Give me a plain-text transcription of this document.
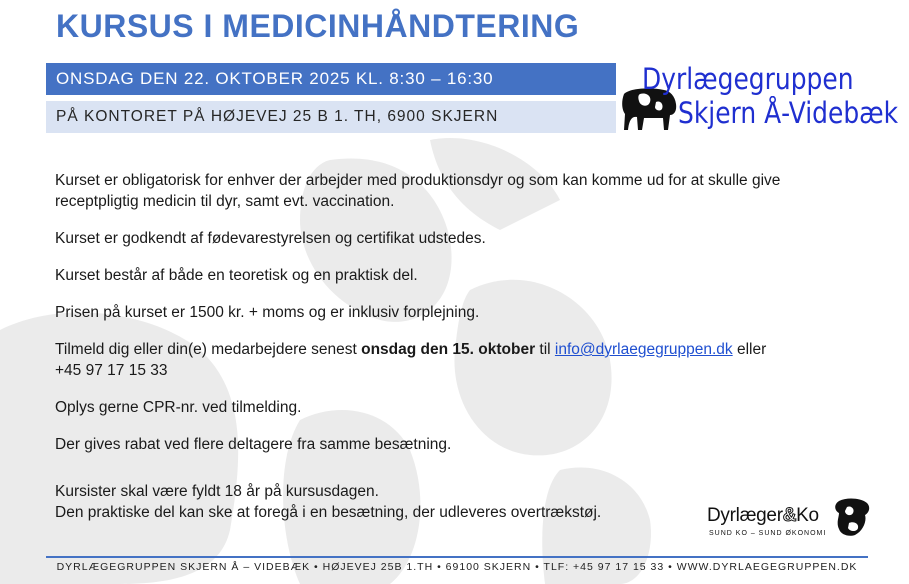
KURSUS I MEDICINHÅNDTERING
ONSDAG DEN 22. OKTOBER 2025 KL. 8:30 – 16:30
PÅ KONTORET PÅ HØJEVEJ 25 B 1. TH, 6900 SKJERN
Dyrlægegruppen
Skjern Å-Videbæk

Kurset er obligatorisk for enhver der arbejder med produktionsdyr og som kan komme ud for at skulle give receptpligtig medicin til dyr, samt evt. vaccination.

Kurset er godkendt af fødevarestyrelsen og certifikat udstedes.

Kurset består af både en teoretisk og en praktisk del.

Prisen på kurset er 1500 kr. + moms og er inklusiv forplejning.

Tilmeld dig eller din(e) medarbejdere senest onsdag den 15. oktober til info@dyrlaegegruppen.dk eller
+45 97 17 15 33

Oplys gerne CPR-nr. ved tilmelding.

Der gives rabat ved flere deltagere fra samme besætning.

Kursister skal være fyldt 18 år på kursusdagen.

Den praktiske del kan ske at foregå i en besætning, der udleveres overtrækstøj.	Dyrlæger&Ko
SUND KO – SUND ØKONOMI
DYRLÆGEGRUPPEN SKJERN Å – VIDEBÆK • HØJEVEJ 25B 1.TH • 69100 SKJERN • TLF: +45 97 17 15 33 • WWW.DYRLAEGEGRUPPEN.DK
